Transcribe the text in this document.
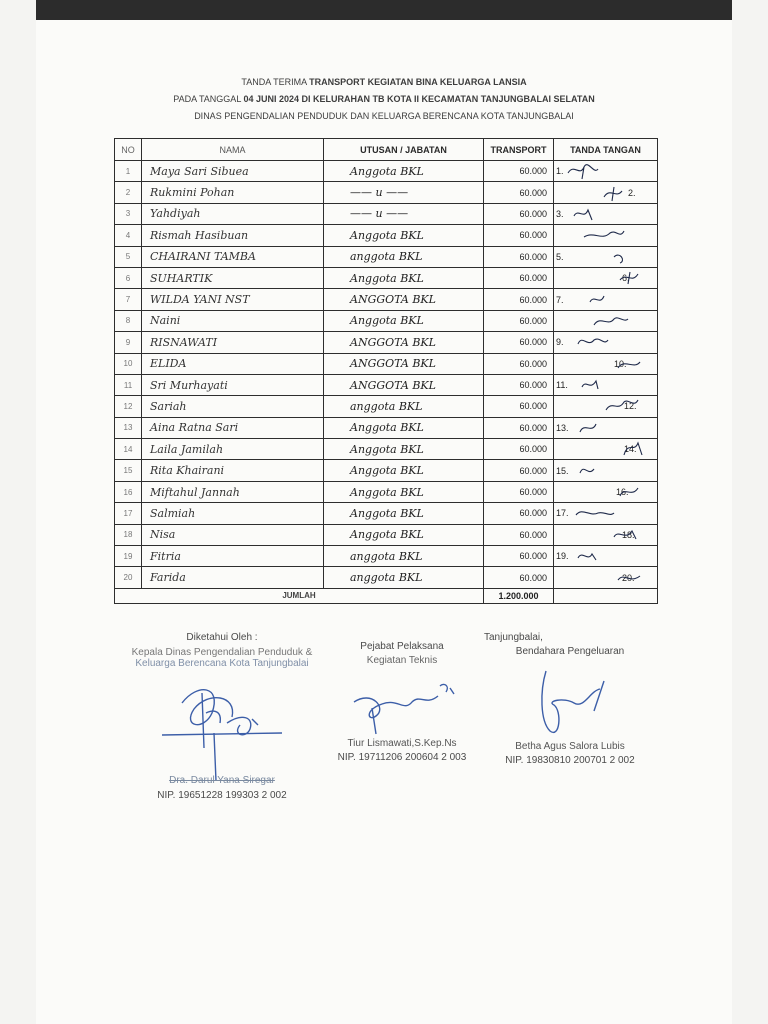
TANDA TERIMA TRANSPORT KEGIATAN BINA KELUARGA LANSIA
PADA TANGGAL 04 JUNI 2024 DI KELURAHAN TB KOTA II KECAMATAN TANJUNGBALAI SELATAN
DINAS PENGENDALIAN PENDUDUK DAN KELUARGA BERENCANA KOTA TANJUNGBALAI
NO	NAMA	UTUSAN / JABATAN	TRANSPORT	TANDA TANGAN
1	Maya Sari Sibuea	Anggota BKL	60.000	1.

2	Rukmini Pohan	—— u ——	60.000	2.

3	Yahdiyah	—— u ——	60.000	3.

4	Rismah Hasibuan	Anggota BKL	60.000	

5	CHAIRANI TAMBA	anggota BKL	60.000	5.

6	SUHARTIK	Anggota BKL	60.000	6.

7	WILDA YANI NST	ANGGOTA BKL	60.000	7.

8	Naini	Anggota BKL	60.000	

9	RISNAWATI	ANGGOTA BKL	60.000	9.

10	ELIDA	ANGGOTA BKL	60.000	10.

11	Sri Murhayati	ANGGOTA BKL	60.000	11.

12	Sariah	anggota BKL	60.000	12.

13	Aina Ratna Sari	Anggota BKL	60.000	13.

14	Laila Jamilah	Anggota BKL	60.000	14.

15	Rita Khairani	Anggota BKL	60.000	15.

16	Miftahul Jannah	Anggota BKL	60.000	16.

17	Salmiah	Anggota BKL	60.000	17.

18	Nisa	Anggota BKL	60.000	18.

19	Fitria	anggota BKL	60.000	19.

20	Farida	anggota BKL	60.000	20.

JUMLAH			1.200.000	
Diketahui Oleh :
Kepala Dinas Pengendalian Penduduk &
Keluarga Berencana Kota Tanjungbalai
Dra. Darul Yana Siregar
NIP. 19651228 199303 2 002
Pejabat Pelaksana
Kegiatan Teknis
Tiur Lismawati,S.Kep.Ns
NIP. 19711206 200604 2 003
Tanjungbalai,
Bendahara Pengeluaran
Betha Agus Salora Lubis
NIP. 19830810 200701 2 002
